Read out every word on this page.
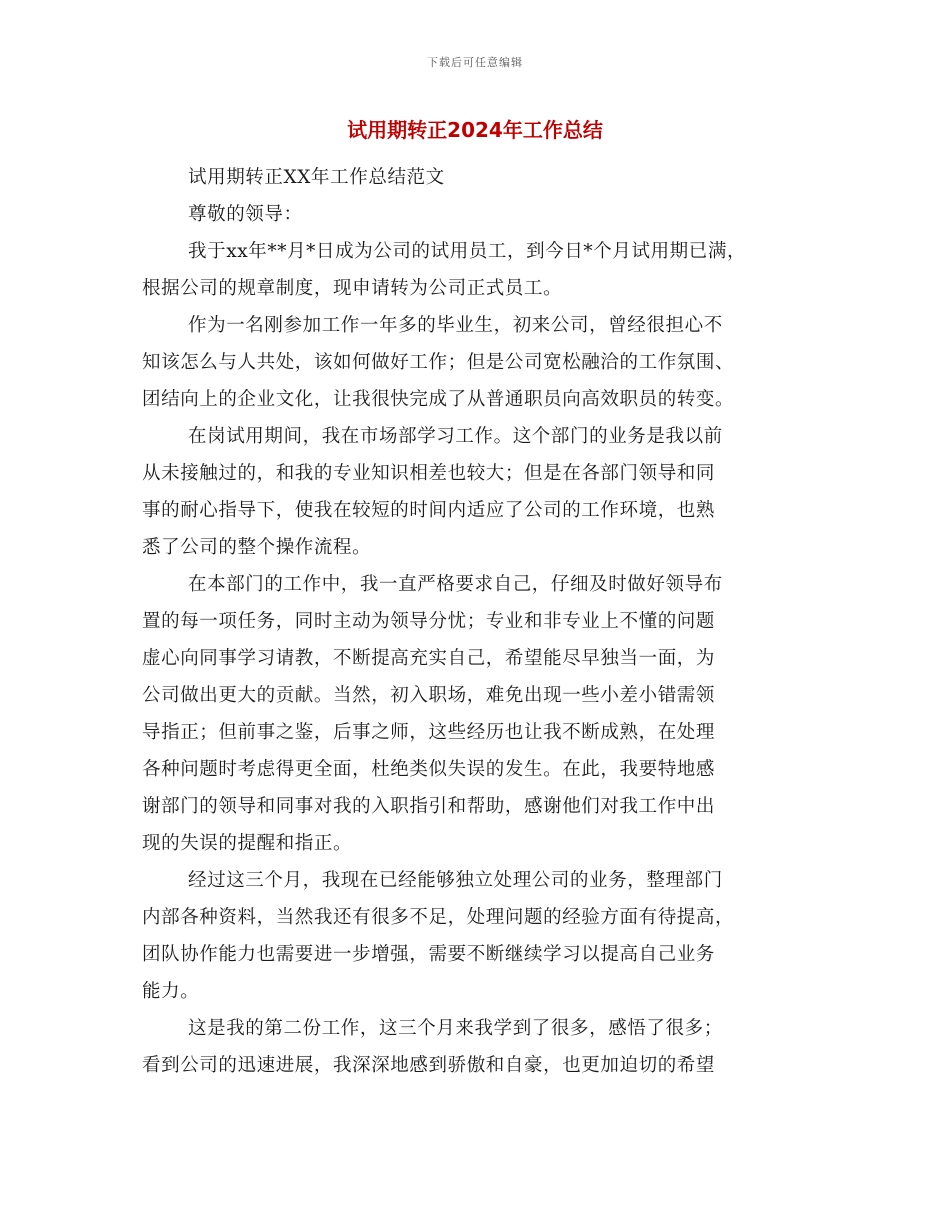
下载后可任意编辑
试用期转正2024年工作总结
试用期转正XX年工作总结范文
尊敬的领导：
我于xx年**月*日成为公司的试用员工，到今日*个月试用期已满，
根据公司的规章制度，现申请转为公司正式员工。
作为一名刚参加工作一年多的毕业生，初来公司，曾经很担心不
知该怎么与人共处，该如何做好工作；但是公司宽松融洽的工作氛围、
团结向上的企业文化，让我很快完成了从普通职员向高效职员的转变。
在岗试用期间，我在市场部学习工作。这个部门的业务是我以前
从未接触过的，和我的专业知识相差也较大；但是在各部门领导和同
事的耐心指导下，使我在较短的时间内适应了公司的工作环境，也熟
悉了公司的整个操作流程。
在本部门的工作中，我一直严格要求自己，仔细及时做好领导布
置的每一项任务，同时主动为领导分忧；专业和非专业上不懂的问题
虚心向同事学习请教，不断提高充实自己，希望能尽早独当一面，为
公司做出更大的贡献。当然，初入职场，难免出现一些小差小错需领
导指正；但前事之鉴，后事之师，这些经历也让我不断成熟，在处理
各种问题时考虑得更全面，杜绝类似失误的发生。在此，我要特地感
谢部门的领导和同事对我的入职指引和帮助，感谢他们对我工作中出
现的失误的提醒和指正。
经过这三个月，我现在已经能够独立处理公司的业务，整理部门
内部各种资料，当然我还有很多不足，处理问题的经验方面有待提高，
团队协作能力也需要进一步增强，需要不断继续学习以提高自己业务
能力。
这是我的第二份工作，这三个月来我学到了很多，感悟了很多；
看到公司的迅速进展，我深深地感到骄傲和自豪，也更加迫切的希望
